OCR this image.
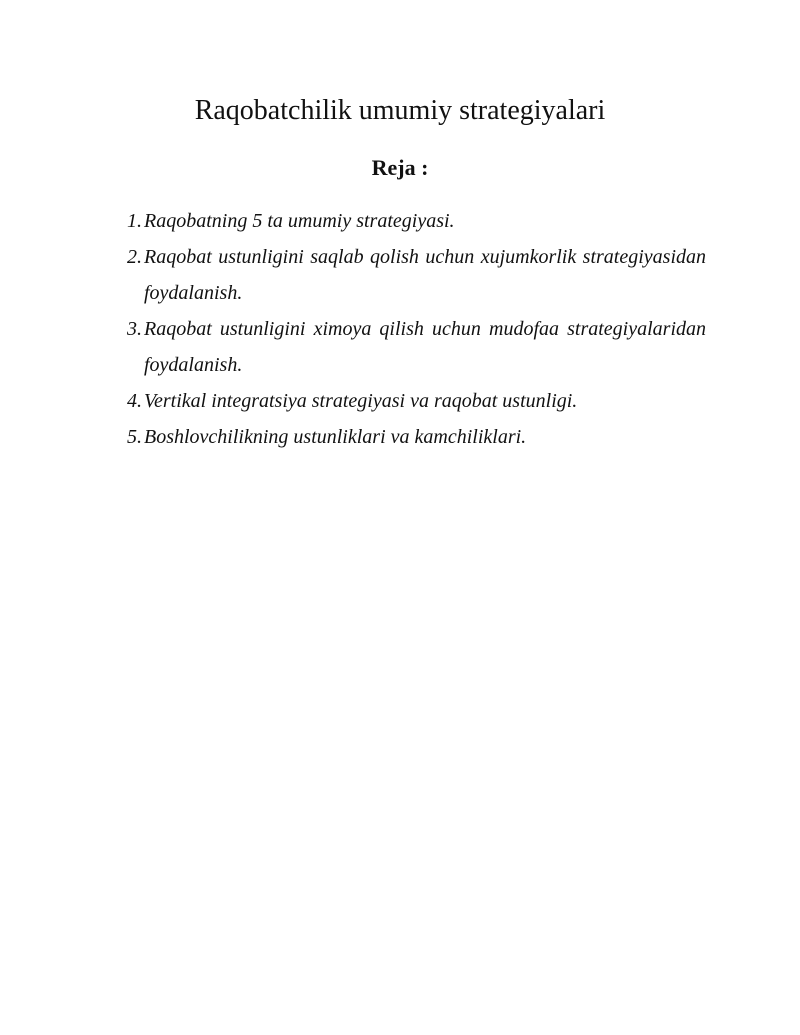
Raqobatchilik umumiy strategiyalari
Reja :
1. Raqobatning 5 ta umumiy strategiyasi.
2. Raqobat ustunligini saqlab qolish uchun xujumkorlik strategiyasidan foydalanish.
3. Raqobat ustunligini ximoya qilish uchun mudofaa strategiyalaridan foydalanish.
4. Vertikal integratsiya strategiyasi va raqobat ustunligi.
5. Boshlovchilikning ustunliklari va kamchiliklari.
